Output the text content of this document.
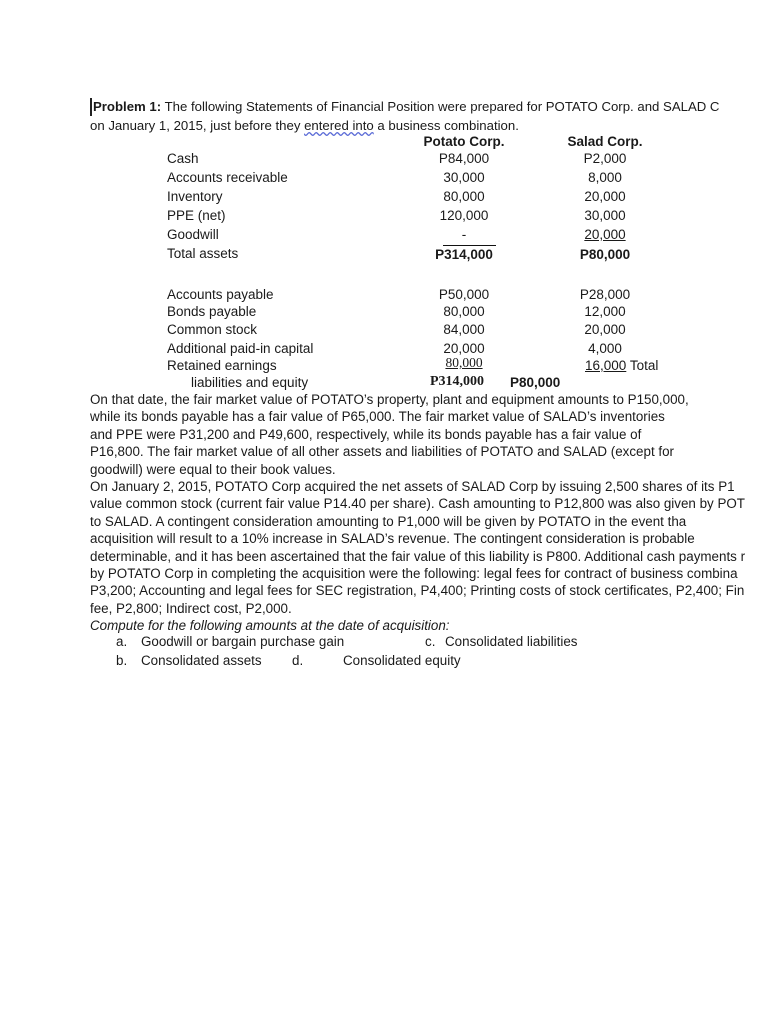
Problem 1: The following Statements of Financial Position were prepared for POTATO Corp. and SALAD C
on January 1, 2015, just before they entered into a business combination.
Potato Corp.	Salad Corp.
Cash	P84,000	P2,000
Accounts receivable	30,000	8,000
Inventory	80,000	20,000
PPE (net)	120,000	30,000
Goodwill	-	20,000
Total assets	P314,000	P80,000
Accounts payable	P50,000	P28,000
Bonds payable	80,000	12,000
Common stock	84,000	20,000
Additional paid-in capital	20,000	4,000
Retained earnings	80,000	16,000 Total
liabilities and equity	P314,000 P80,000
On that date, the fair market value of POTATO’s property, plant and equipment amounts to P150,000,
while its bonds payable has a fair value of P65,000. The fair market value of SALAD’s inventories
and PPE were P31,200 and P49,600, respectively, while its bonds payable has a fair value of
P16,800. The fair market value of all other assets and liabilities of POTATO and SALAD (except for
goodwill) were equal to their book values.
On January 2, 2015, POTATO Corp acquired the net assets of SALAD Corp by issuing 2,500 shares of its P1
value common stock (current fair value P14.40 per share). Cash amounting to P12,800 was also given by POT
to SALAD. A contingent consideration amounting to P1,000 will be given by POTATO in the event tha
acquisition will result to a 10% increase in SALAD’s revenue. The contingent consideration is probable
determinable, and it has been ascertained that the fair value of this liability is P800. Additional cash payments r
by POTATO Corp in completing the acquisition were the following: legal fees for contract of business combina
P3,200; Accounting and legal fees for SEC registration, P4,400; Printing costs of stock certificates, P2,400; Fin
fee, P2,800; Indirect cost, P2,000.
Compute for the following amounts at the date of acquisition:
a. Goodwill or bargain purchase gain	c. Consolidated liabilities
b. Consolidated assets d.	Consolidated equity
